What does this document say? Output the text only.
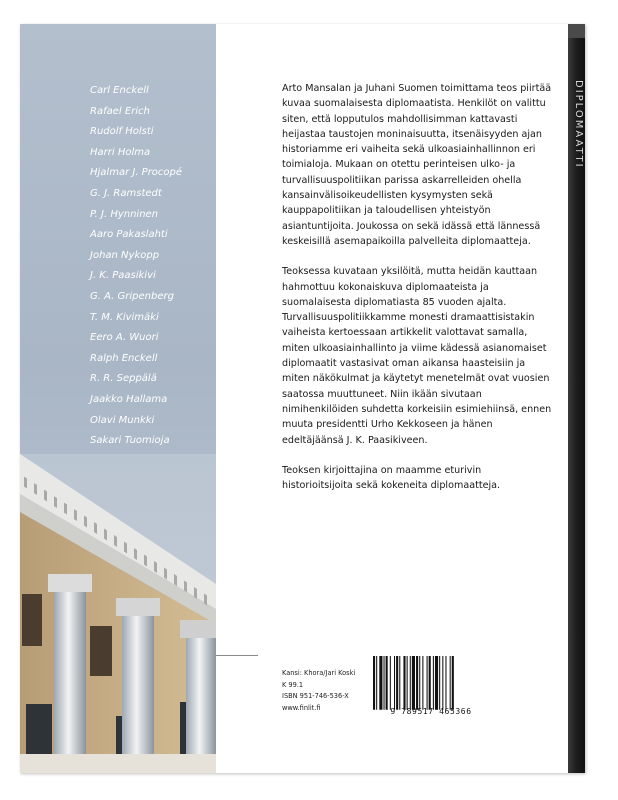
Carl Enckell
Rafael Erich
Rudolf Holsti
Harri Holma
Hjalmar J. Procopé
G. J. Ramstedt
P. J. Hynninen
Aaro Pakaslahti
Johan Nykopp
J. K. Paasikivi
G. A. Gripenberg
T. M. Kivimäki
Eero A. Wuori
Ralph Enckell
R. R. Seppälä
Jaakko Hallama
Olavi Munkki
Sakari Tuomioja

Arto Mansalan ja Juhani Suomen toimittama teos piirtää kuvaa suomalaisesta diplomaatista. Henkilöt on valittu siten, että lopputulos mahdollisimman kattavasti heijastaa taustojen moninaisuutta, itsenäisyyden ajan historiamme eri vaiheita sekä ulkoasiainhallinnon eri toimialoja. Mukaan on otettu perinteisen ulko- ja turvallisuuspolitiikan parissa askarrelleiden ohella kansainvälisoikeudellisten kysymysten sekä kauppapolitiikan ja taloudellisen yhteistyön asiantuntijoita. Joukossa on sekä idässä että lännessä keskeisillä asemapaikoilla palvelleita diplomaatteja.

Teoksessa kuvataan yksilöitä, mutta heidän kauttaan hahmottuu kokonaiskuva diplomaateista ja suomalaisesta diplomatiasta 85 vuoden ajalta. Turvallisuuspolitiikkamme monesti dramaattisistakin vaiheista kertoessaan artikkelit valottavat samalla, miten ulkoasiainhallinto ja viime kädessä asianomaiset diplomaatit vastasivat oman aikansa haasteisiin ja miten näkökulmat ja käytetyt menetelmät ovat vuosien saatossa muuttuneet. Niin ikään sivutaan nimihenkilöiden suhdetta korkeisiin esimiehiinsä, ennen muuta presidentti Urho Kekkoseen ja hänen edeltäjäänsä J. K. Paasikiveen.

Teoksen kirjoittajina on maamme eturivin historioitsijoita sekä kokeneita diplomaatteja.

Kansi: Khora/Jari Koski
K 99.1
ISBN 951-746-536-X
www.finlit.fi	9 789517 465366
DIPLOMAATTI
